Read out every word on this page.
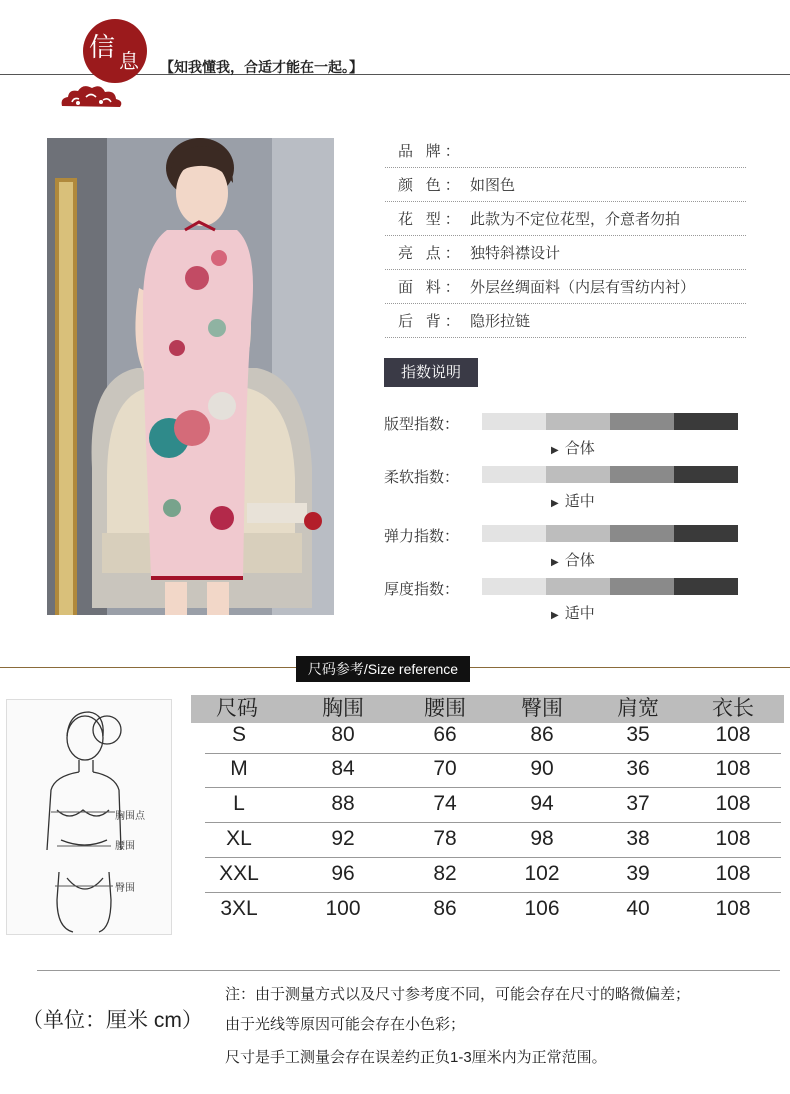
信 息 【知我懂我，合适才能在一起。】
品 牌：
颜 色： 如图色
花 型： 此款为不定位花型，介意者勿拍
亮 点： 独特斜襟设计
面 料： 外层丝绸面料（内层有雪纺内衬）
后 背： 隐形拉链
指数说明
版型指数：
▶ 合体
柔软指数：
▶ 适中
弹力指数：
▶ 合体
厚度指数：
▶ 适中
尺码参考/Size reference
胸围点
腰围
臀围
尺码	胸围	腰围	臀围	肩宽	衣长
S	80	66	86	35	108
M	84	70	90	36	108
L	88	74	94	37	108
XL	92	78	98	38	108
XXL	96	82	102	39	108
3XL	100	86	106	40	108
（单位：厘米 cm）
注：由于测量方式以及尺寸参考度不同，可能会存在尺寸的略微偏差；
由于光线等原因可能会存在小色彩；
尺寸是手工测量会存在误差约正负1-3厘米内为正常范围。
